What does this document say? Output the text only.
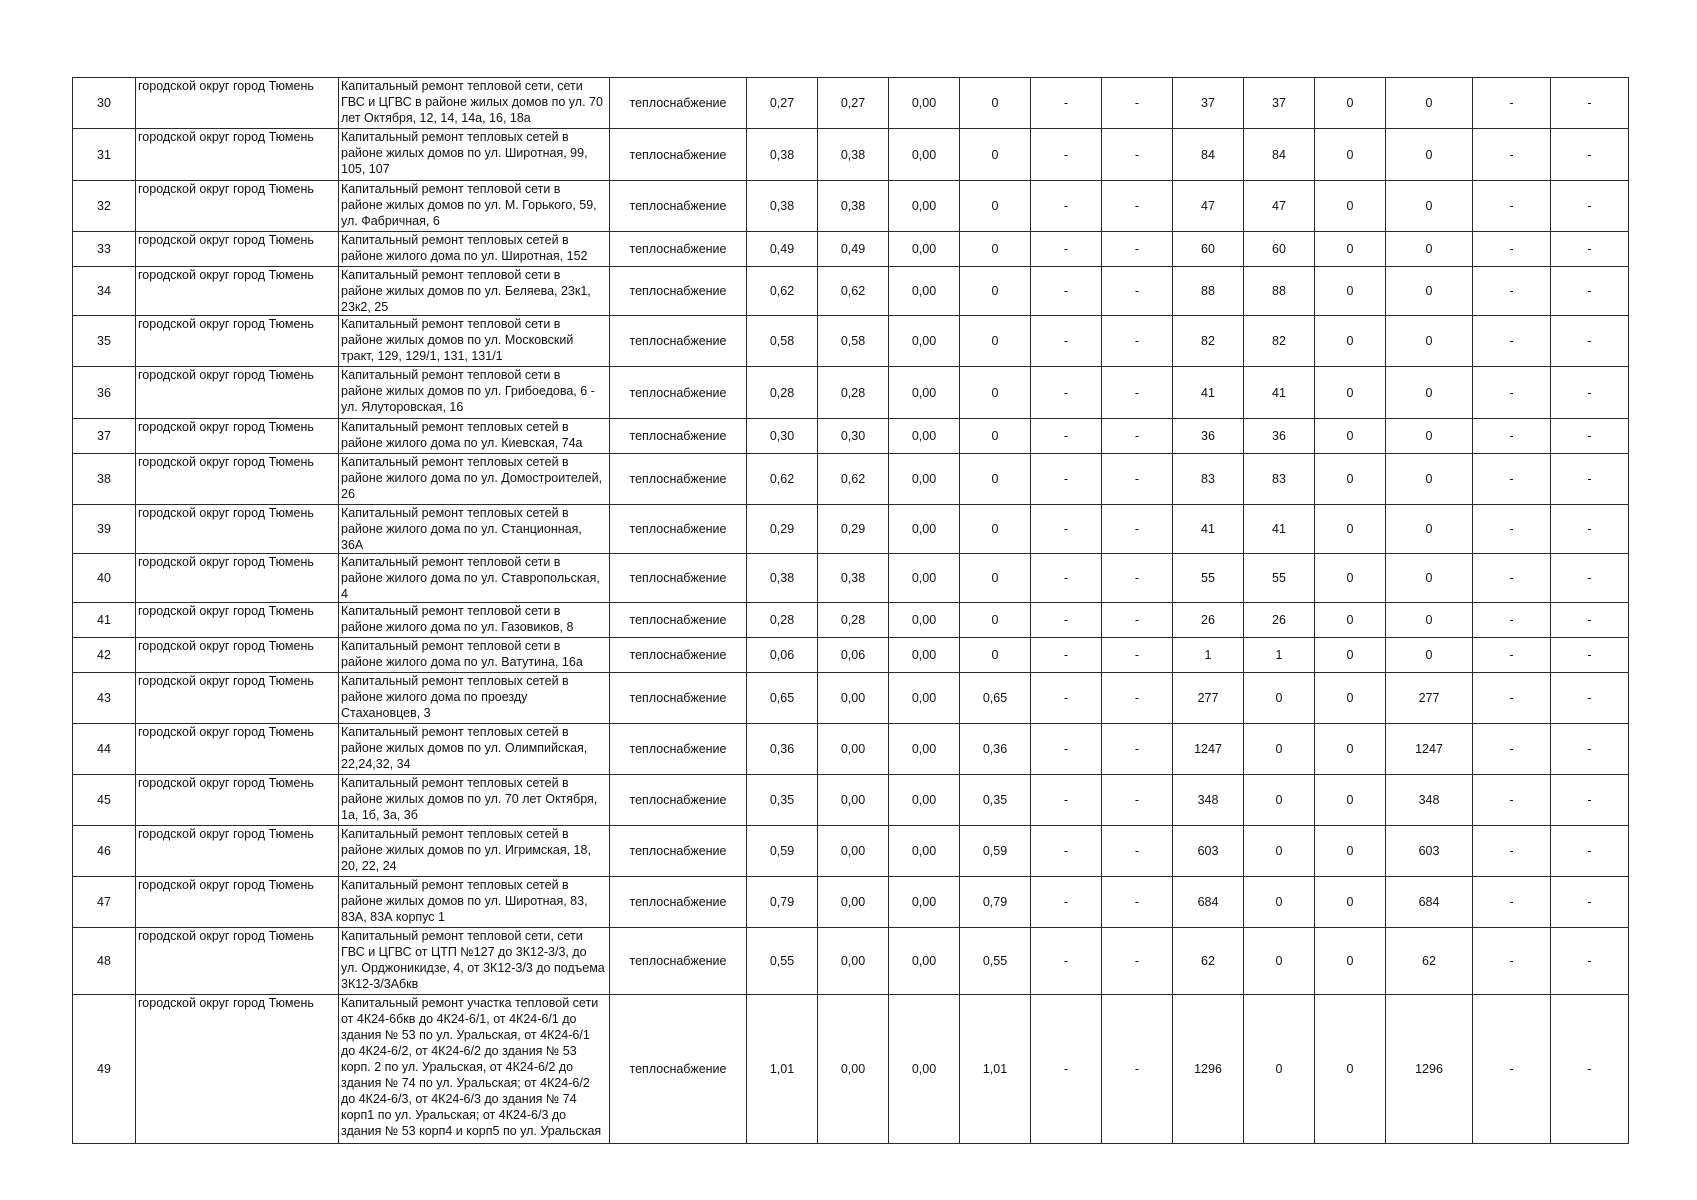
30	городской округ город Тюмень	Капитальный ремонт тепловой сети, сети ГВС и ЦГВС в районе жилых домов по ул. 70 лет Октября, 12, 14, 14а, 16, 18а	теплоснабжение	0,27	0,27	0,00	0	-	-	37	37	0	0	-	-
31	городской округ город Тюмень	Капитальный ремонт тепловых сетей в районе жилых домов по ул. Широтная, 99, 105, 107	теплоснабжение	0,38	0,38	0,00	0	-	-	84	84	0	0	-	-
32	городской округ город Тюмень	Капитальный ремонт тепловой сети в районе жилых домов по ул. М. Горького, 59, ул. Фабричная, 6	теплоснабжение	0,38	0,38	0,00	0	-	-	47	47	0	0	-	-
33	городской округ город Тюмень	Капитальный ремонт тепловых сетей в районе жилого дома по ул. Широтная, 152	теплоснабжение	0,49	0,49	0,00	0	-	-	60	60	0	0	-	-
34	городской округ город Тюмень	Капитальный ремонт тепловой сети в районе жилых домов по ул. Беляева, 23к1, 23к2, 25	теплоснабжение	0,62	0,62	0,00	0	-	-	88	88	0	0	-	-
35	городской округ город Тюмень	Капитальный ремонт тепловой сети в районе жилых домов по ул. Московский тракт, 129, 129/1, 131, 131/1	теплоснабжение	0,58	0,58	0,00	0	-	-	82	82	0	0	-	-
36	городской округ город Тюмень	Капитальный ремонт тепловой сети в районе жилых домов по ул. Грибоедова, 6 - ул. Ялуторовская, 16	теплоснабжение	0,28	0,28	0,00	0	-	-	41	41	0	0	-	-
37	городской округ город Тюмень	Капитальный ремонт тепловых сетей в районе жилого дома по ул. Киевская, 74а	теплоснабжение	0,30	0,30	0,00	0	-	-	36	36	0	0	-	-
38	городской округ город Тюмень	Капитальный ремонт тепловых сетей в районе жилого дома по ул. Домостроителей, 26	теплоснабжение	0,62	0,62	0,00	0	-	-	83	83	0	0	-	-
39	городской округ город Тюмень	Капитальный ремонт тепловых сетей в районе жилого дома по ул. Станционная, 36А	теплоснабжение	0,29	0,29	0,00	0	-	-	41	41	0	0	-	-
40	городской округ город Тюмень	Капитальный ремонт тепловой сети в районе жилого дома по ул. Ставропольская, 4	теплоснабжение	0,38	0,38	0,00	0	-	-	55	55	0	0	-	-
41	городской округ город Тюмень	Капитальный ремонт тепловой сети в районе жилого дома по ул. Газовиков, 8	теплоснабжение	0,28	0,28	0,00	0	-	-	26	26	0	0	-	-
42	городской округ город Тюмень	Капитальный ремонт тепловой сети в районе жилого дома по ул. Ватутина, 16а	теплоснабжение	0,06	0,06	0,00	0	-	-	1	1	0	0	-	-
43	городской округ город Тюмень	Капитальный ремонт тепловых сетей в районе жилого дома по проезду Стахановцев, 3	теплоснабжение	0,65	0,00	0,00	0,65	-	-	277	0	0	277	-	-
44	городской округ город Тюмень	Капитальный ремонт тепловых сетей в районе жилых домов по ул. Олимпийская, 22,24,32, 34	теплоснабжение	0,36	0,00	0,00	0,36	-	-	1247	0	0	1247	-	-
45	городской округ город Тюмень	Капитальный ремонт тепловых сетей в районе жилых домов по ул. 70 лет Октября, 1а, 1б, 3а, 3б	теплоснабжение	0,35	0,00	0,00	0,35	-	-	348	0	0	348	-	-
46	городской округ город Тюмень	Капитальный ремонт тепловых сетей в районе жилых домов по ул. Игримская, 18, 20, 22, 24	теплоснабжение	0,59	0,00	0,00	0,59	-	-	603	0	0	603	-	-
47	городской округ город Тюмень	Капитальный ремонт тепловых сетей в районе жилых домов по ул. Широтная, 83, 83А, 83А корпус 1	теплоснабжение	0,79	0,00	0,00	0,79	-	-	684	0	0	684	-	-
48	городской округ город Тюмень	Капитальный ремонт тепловой сети, сети ГВС и ЦГВС от ЦТП №127 до 3К12-3/3, до ул. Орджоникидзе, 4, от 3К12-3/3 до подъема 3К12-3/3Абкв	теплоснабжение	0,55	0,00	0,00	0,55	-	-	62	0	0	62	-	-
49	городской округ город Тюмень	Капитальный ремонт участка тепловой сети от 4К24-6бкв до 4К24-6/1, от 4К24-6/1 до здания № 53 по ул. Уральская, от 4К24-6/1 до 4К24-6/2, от 4К24-6/2 до здания № 53 корп. 2 по ул. Уральская, от 4К24-6/2 до здания № 74 по ул. Уральская; от 4К24-6/2 до 4К24-6/3, от 4К24-6/3 до здания № 74 корп1 по ул. Уральская; от 4К24-6/3 до здания № 53 корп4 и корп5 по ул. Уральская	теплоснабжение	1,01	0,00	0,00	1,01	-	-	1296	0	0	1296	-	-
